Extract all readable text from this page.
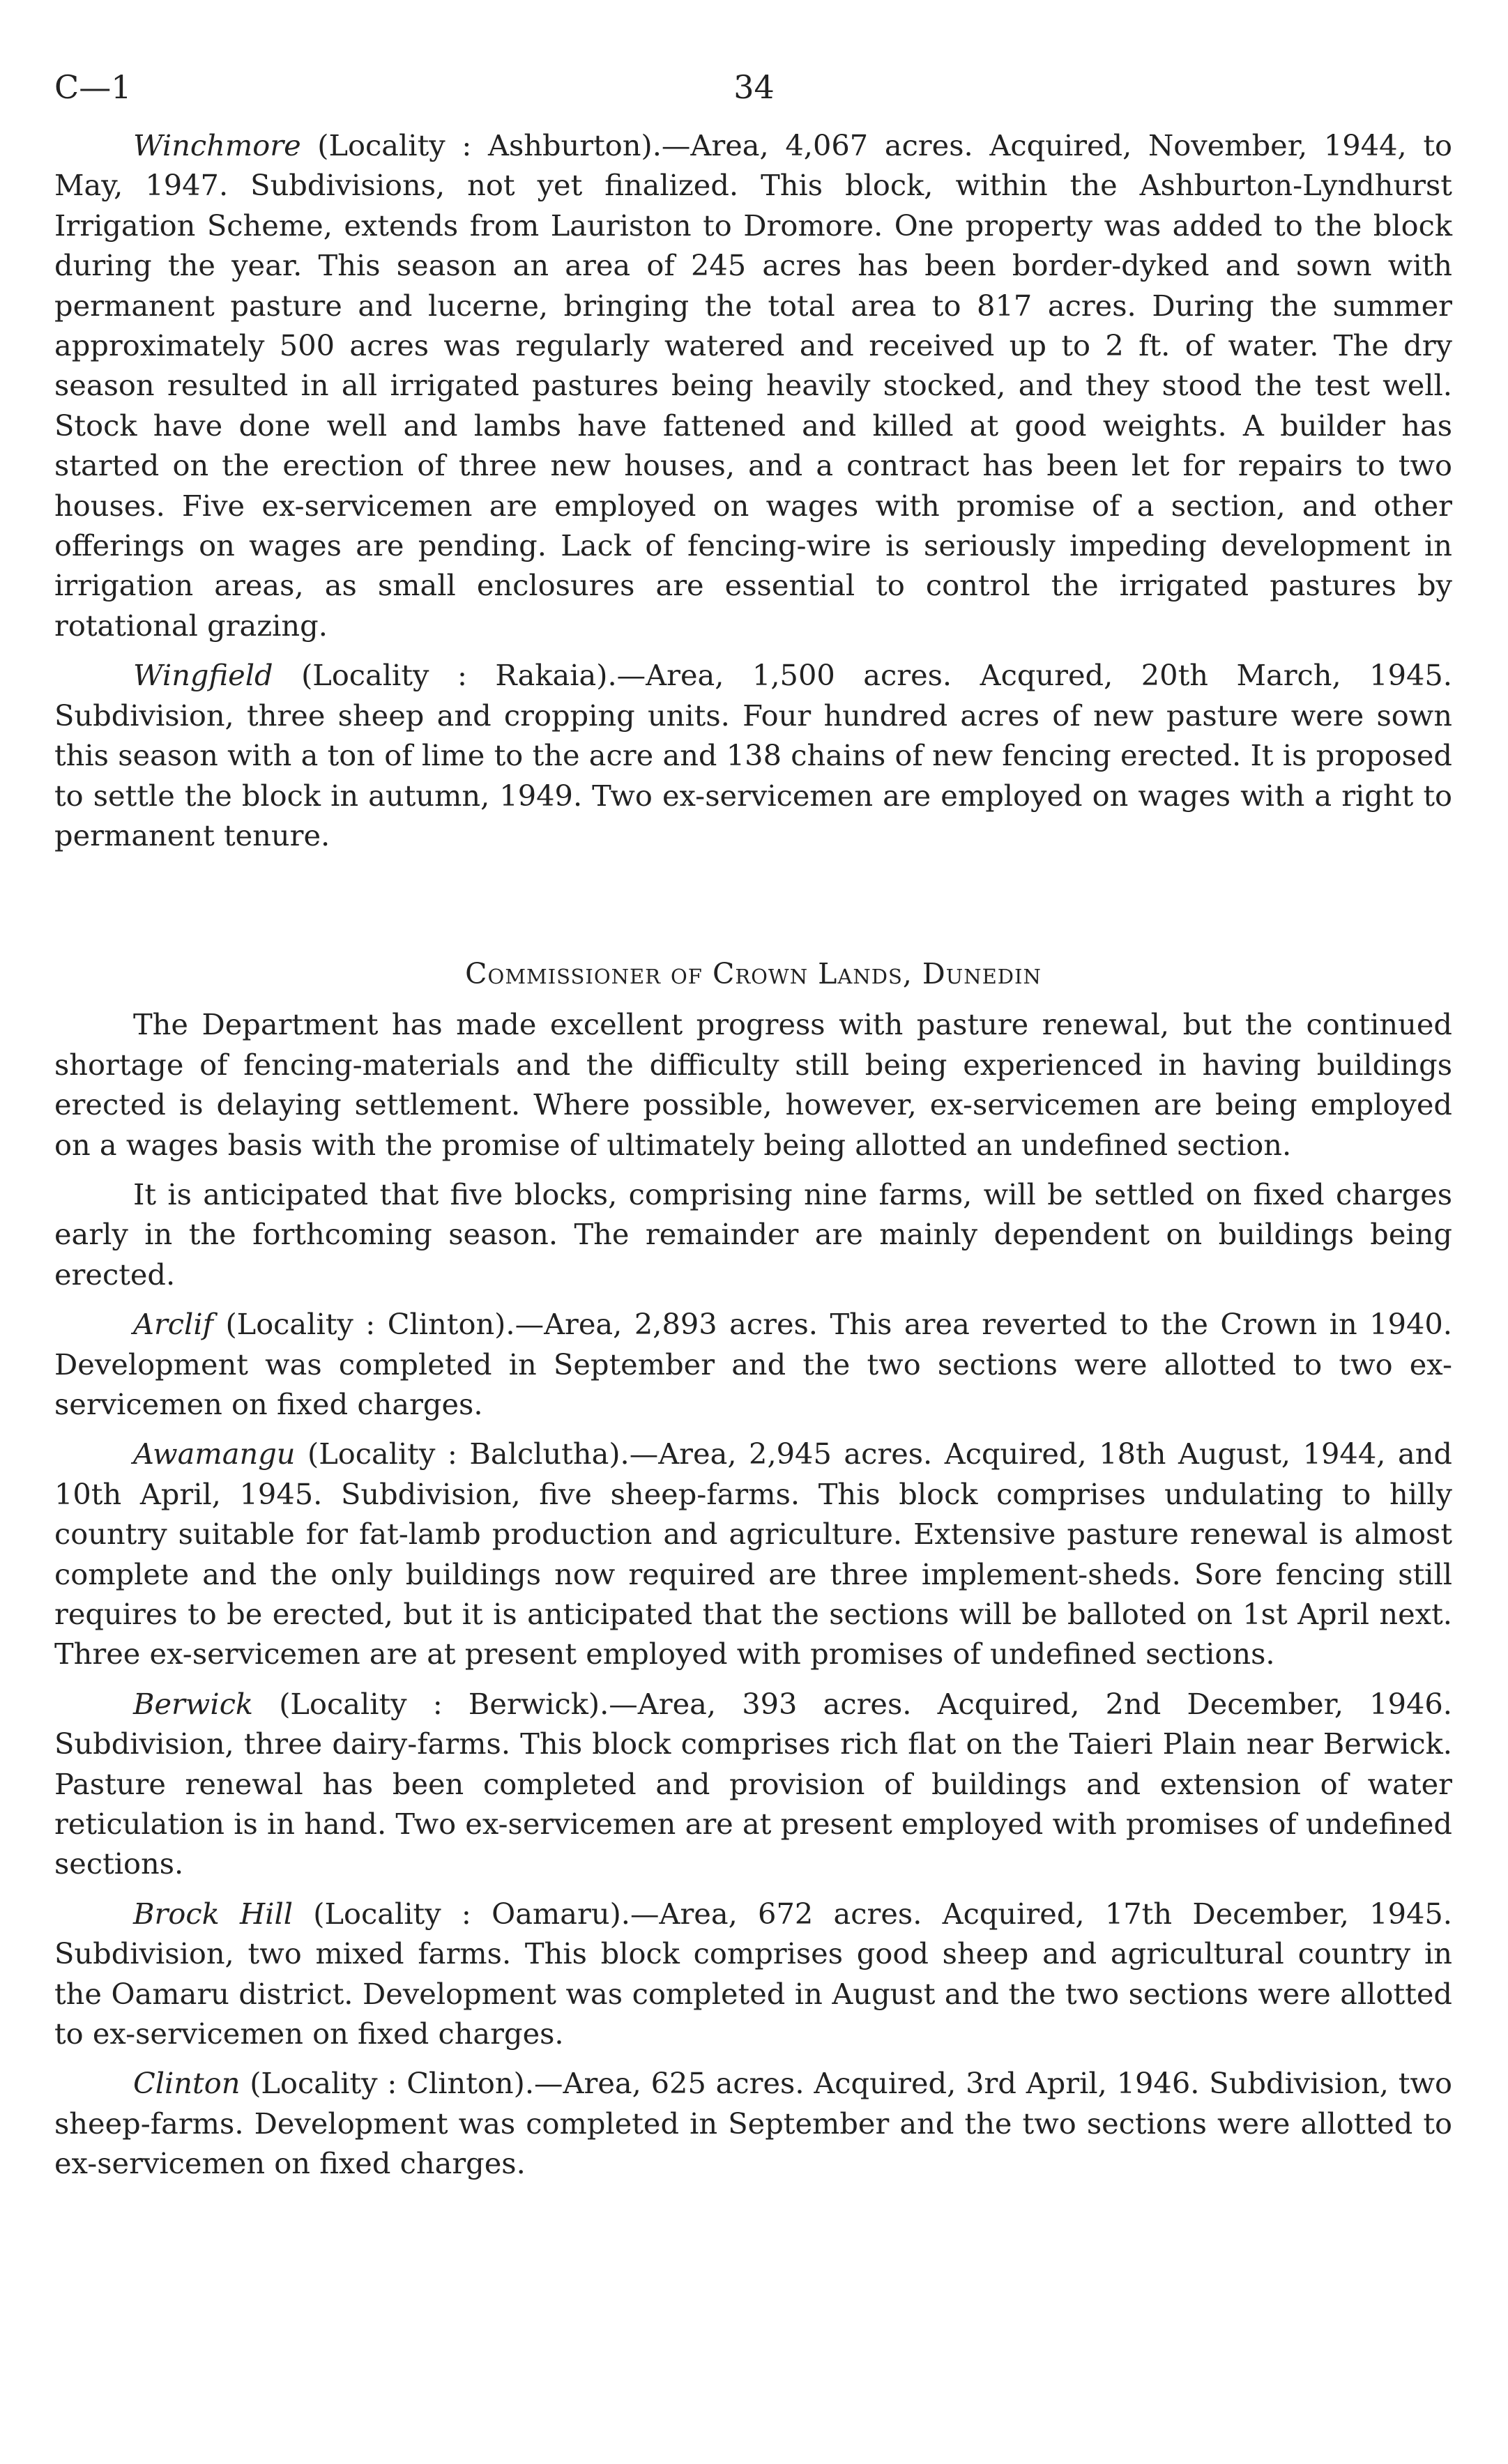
C—1	34

Winchmore (Locality : Ashburton).—Area, 4,067 acres. Acquired, November, 1944, to May, 1947. Subdivisions, not yet finalized. This block, within the Ashburton-Lyndhurst Irrigation Scheme, extends from Lauriston to Dromore. One property was added to the block during the year. This season an area of 245 acres has been border-dyked and sown with permanent pasture and lucerne, bringing the total area to 817 acres. During the summer approximately 500 acres was regularly watered and received up to 2 ft. of water. The dry season resulted in all irrigated pastures being heavily stocked, and they stood the test well. Stock have done well and lambs have fattened and killed at good weights. A builder has started on the erection of three new houses, and a contract has been let for repairs to two houses. Five ex-servicemen are employed on wages with promise of a section, and other offerings on wages are pending. Lack of fencing-wire is seriously impeding development in irrigation areas, as small enclosures are essential to control the irrigated pastures by rotational grazing.

Wingfield (Locality : Rakaia).—Area, 1,500 acres. Acqured, 20th March, 1945. Subdivision, three sheep and cropping units. Four hundred acres of new pasture were sown this season with a ton of lime to the acre and 138 chains of new fencing erected. It is proposed to settle the block in autumn, 1949. Two ex-servicemen are employed on wages with a right to permanent tenure.

Commissioner of Crown Lands, Dunedin

The Department has made excellent progress with pasture renewal, but the continued shortage of fencing-materials and the difficulty still being experienced in having buildings erected is delaying settlement. Where possible, however, ex-servicemen are being employed on a wages basis with the promise of ultimately being allotted an undefined section.

It is anticipated that five blocks, comprising nine farms, will be settled on fixed charges early in the forthcoming season. The remainder are mainly dependent on buildings being erected.

Arclif (Locality : Clinton).—Area, 2,893 acres. This area reverted to the Crown in 1940. Development was completed in September and the two sections were allotted to two ex-servicemen on fixed charges.

Awamangu (Locality : Balclutha).—Area, 2,945 acres. Acquired, 18th August, 1944, and 10th April, 1945. Subdivision, five sheep-farms. This block comprises undulating to hilly country suitable for fat-lamb production and agriculture. Extensive pasture renewal is almost complete and the only buildings now required are three implement-sheds. Sore fencing still requires to be erected, but it is anticipated that the sections will be balloted on 1st April next. Three ex-servicemen are at present employed with promises of undefined sections.

Berwick (Locality : Berwick).—Area, 393 acres. Acquired, 2nd December, 1946. Subdivision, three dairy-farms. This block comprises rich flat on the Taieri Plain near Berwick. Pasture renewal has been completed and provision of buildings and extension of water reticulation is in hand. Two ex-servicemen are at present employed with promises of undefined sections.

Brock Hill (Locality : Oamaru).—Area, 672 acres. Acquired, 17th December, 1945. Subdivision, two mixed farms. This block comprises good sheep and agricultural country in the Oamaru district. Development was completed in August and the two sections were allotted to ex-servicemen on fixed charges.

Clinton (Locality : Clinton).—Area, 625 acres. Acquired, 3rd April, 1946. Subdivision, two sheep-farms. Development was completed in September and the two sections were allotted to ex-servicemen on fixed charges.
